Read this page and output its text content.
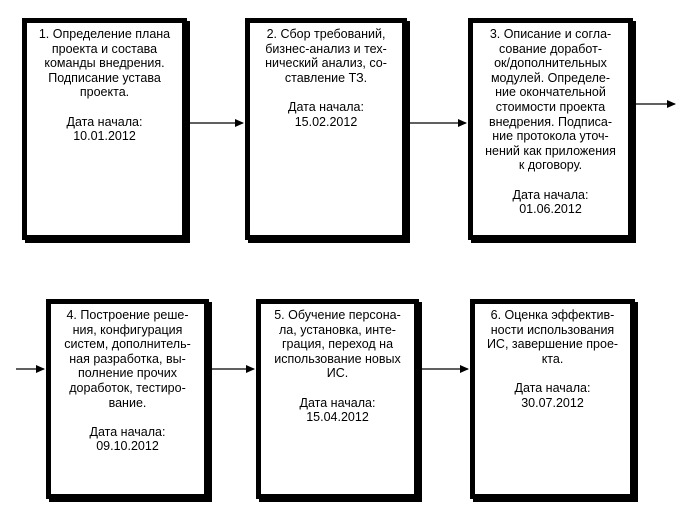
1. Определение плана
проекта и состава
команды внедрения.
Подписание устава
проекта.
Дата начала:
10.01.2012
2. Сбор требований,
бизнес-анализ и тех-
нический анализ, со-
ставление ТЗ.
Дата начала:
15.02.2012
3. Описание и согла-
сование доработ-
ок/дополнительных
модулей. Определе-
ние окончательной
стоимости проекта
внедрения. Подписа-
ние протокола уточ-
нений как приложения
к договору.
Дата начала:
01.06.2012
4. Построение реше-
ния, конфигурация
систем, дополнитель-
ная разработка, вы-
полнение прочих
доработок, тестиро-
вание.
Дата начала:
09.10.2012
5. Обучение персона-
ла, установка, интe-
грация, переход на
использование новых
ИС.
Дата начала:
15.04.2012
6. Оценка эффектив-
ности использования
ИС, завершение прое-
кта.
Дата начала:
30.07.2012
